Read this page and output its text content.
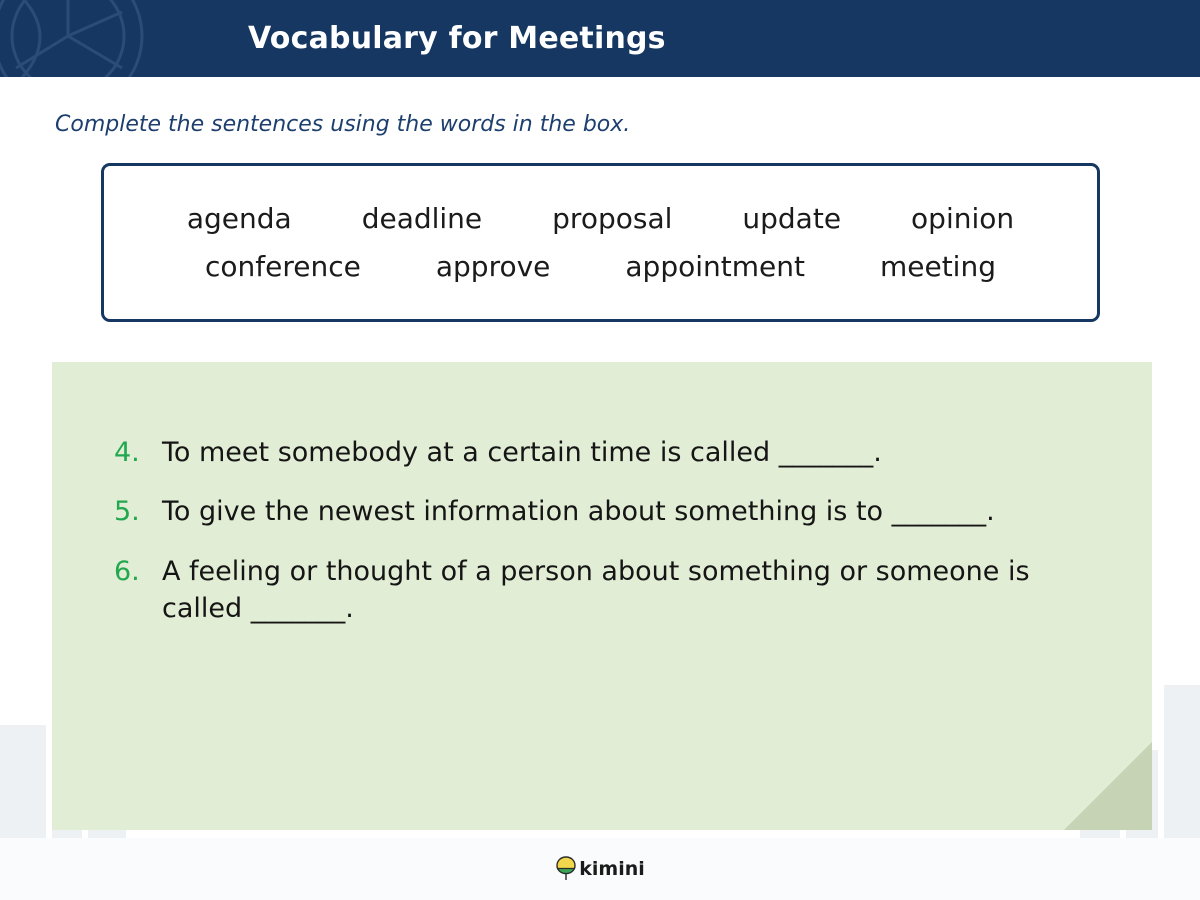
Vocabulary for Meetings
Complete the sentences using the words in the box.
agenda	deadline	proposal	update	opinion
conference	approve	appointment	meeting
4. To meet somebody at a certain time is called _______.
5. To give the newest information about something is to _______.
6. A feeling or thought of a person about something or someone is called _______.
kimini
